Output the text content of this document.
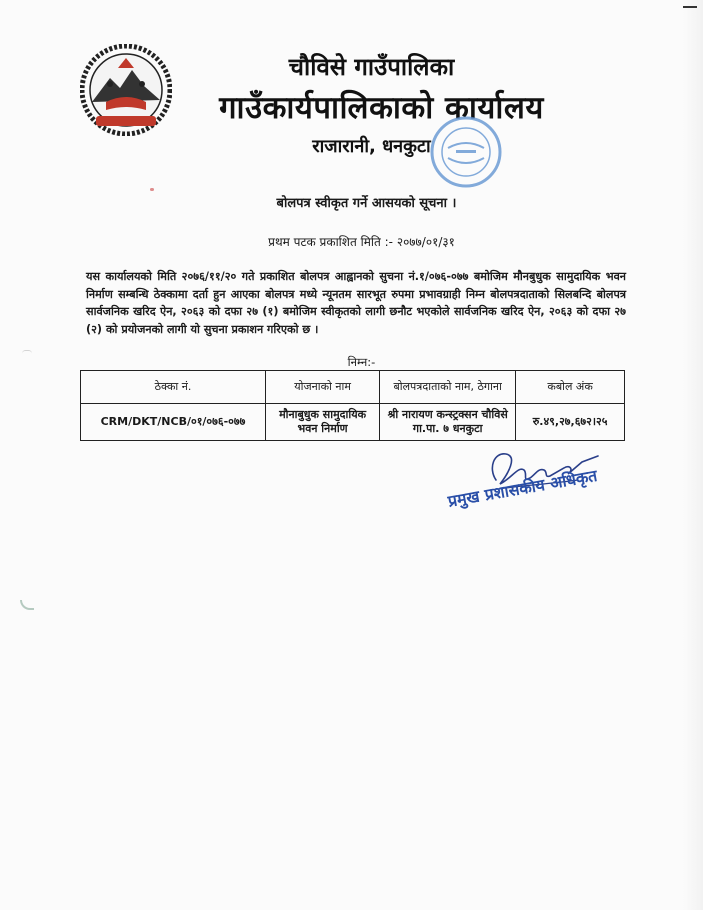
चौविसे गाउँपालिका
गाउँकार्यपालिकाको कार्यालय
राजारानी, धनकुटा
बोलपत्र स्वीकृत गर्ने आसयको सूचना ।
प्रथम पटक प्रकाशित मिति :- २०७७/०१/३१
यस कार्यालयको मिति २०७६/११/२० गते प्रकाशित बोलपत्र आह्वानको सुचना नं.१/०७६-०७७ बमोजिम मौनबुधुक सामुदायिक भवन निर्माण सम्बन्धि ठेक्कामा दर्ता हुन आएका बोलपत्र मध्ये न्यूनतम सारभूत रुपमा प्रभावग्राही निम्न बोलपत्रदाताको सिलबन्दि बोलपत्र सार्वजनिक खरिद ऐन, २०६३ को दफा २७ (१) बमोजिम स्वीकृतको लागी छनौट भएकोले सार्वजनिक खरिद ऐन, २०६३ को दफा २७ (२) को प्रयोजनको लागी यो सुचना प्रकाशन गरिएको छ ।
निम्न:-
ठेक्का नं.	योजनाको नाम	बोलपत्रदाताको नाम, ठेगाना	कबोल अंक
CRM/DKT/NCB/०१/०७६-०७७	मौनाबुधुक सामुदायिक भवन निर्माण	श्री नारायण कन्स्ट्रक्सन चौविसे गा.पा. ७ धनकुटा	रु.४९,२७,६७२।२५
प्रमुख प्रशासकीय अधिकृत
